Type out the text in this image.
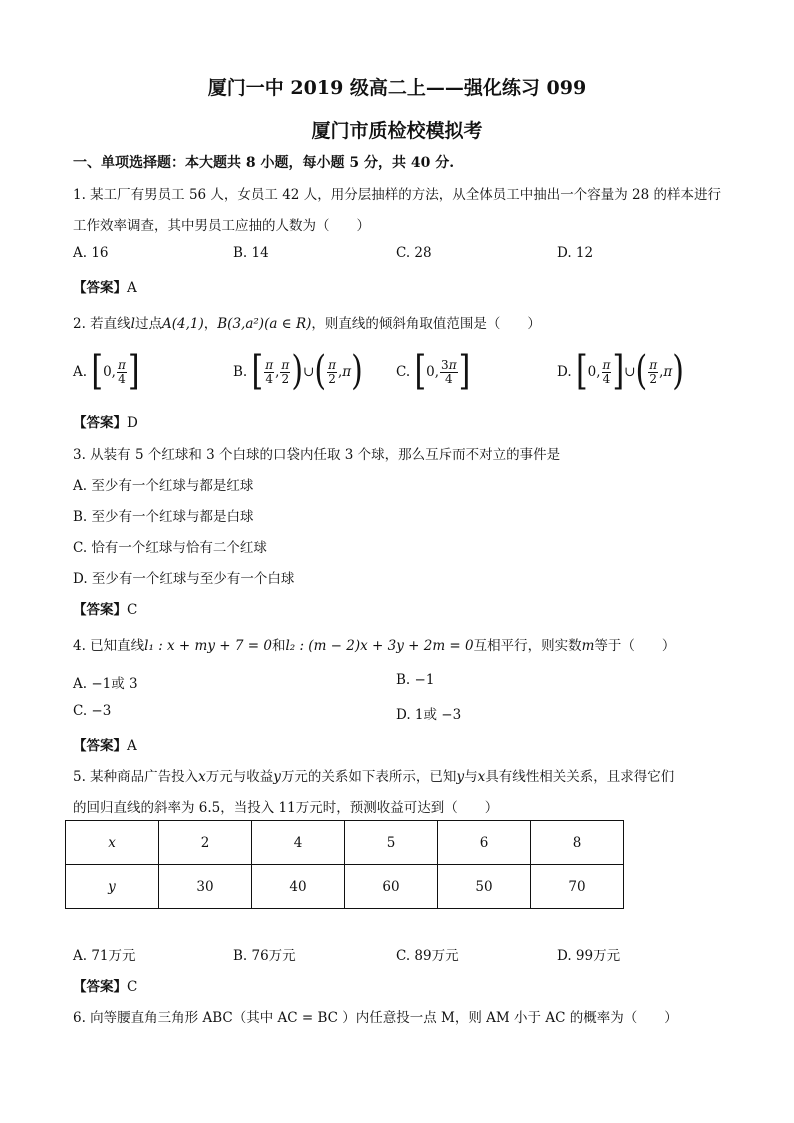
厦门一中 2019 级高二上——强化练习 099
厦门市质检校模拟考
一、单项选择题：本大题共 8 小题，每小题 5 分，共 40 分.
1. 某工厂有男员工 56 人，女员工 42 人，用分层抽样的方法，从全体员工中抽出一个容量为 28 的样本进行
工作效率调查，其中男员工应抽的人数为（　　）
A. 16	B. 14	C. 28	D. 12
【答案】A
2. 若直线l过点A(4,1)，B(3,a²)(a ∈ R)，则直线的倾斜角取值范围是（　　）
A.
[ 0, $\frac{\pi}{4}$ ]	B.
[ $\frac{\pi}{4}$ , $\frac{\pi}{2}$ ) ∪ ( $\frac{\pi}{2}$ , π ) C.
[ 0, $\frac{3\pi}{4}$ ]	D.
[ 0, $\frac{\pi}{4}$ ] ∪ ( $\frac{\pi}{2}$ , π )
【答案】D
3. 从装有 5 个红球和 3 个白球的口袋内任取 3 个球，那么互斥而不对立的事件是
A. 至少有一个红球与都是红球
B. 至少有一个红球与都是白球
C. 恰有一个红球与恰有二个红球
D. 至少有一个红球与至少有一个白球
【答案】C
4. 已知直线l₁ : x + my + 7 = 0和l₂ : (m − 2)x + 3y + 2m = 0互相平行，则实数m等于（　　）
A. −1或 3	B. −1
C. −3	D. 1或 −3
【答案】A
5. 某种商品广告投入x万元与收益y万元的关系如下表所示，已知y与x具有线性相关关系，且求得它们
的回归直线的斜率为 6.5，当投入 11万元时，预测收益可达到（　　）
x	2	4	5	6	8
y	30	40	60	50	70
A. 71万元	B. 76万元	C. 89万元	D. 99万元
【答案】C
6. 向等腰直角三角形 ABC（其中 AC = BC ）内任意投一点 M，则 AM 小于 AC 的概率为（　　）
